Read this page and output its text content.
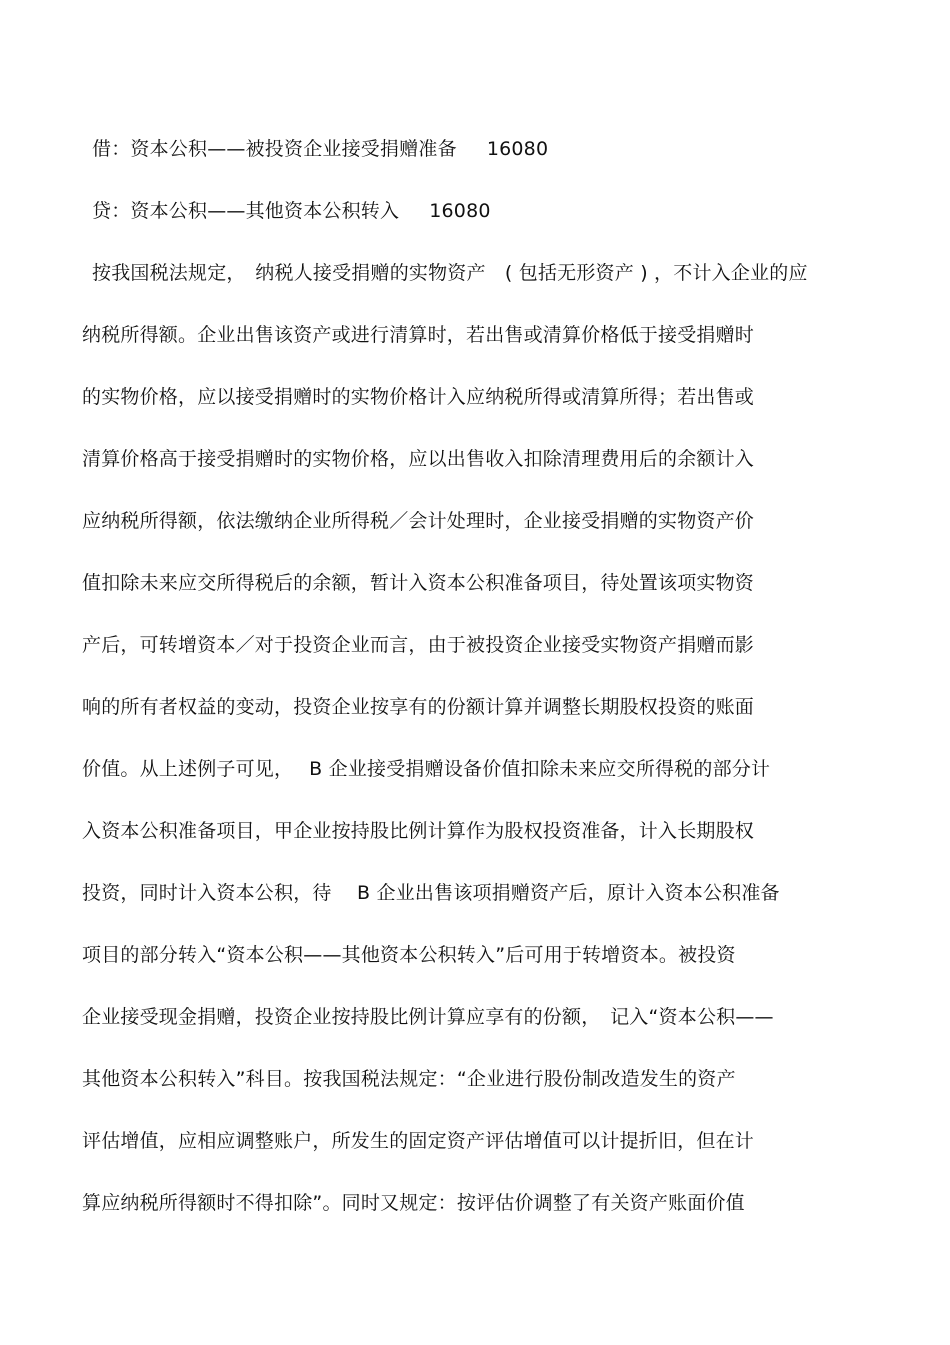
借：资本公积——被投资企业接受捐赠准备 16080
贷：资本公积——其他资本公积转入 16080
按我国税法规定，　纳税人接受捐赠的实物资产　( 包括无形资产 ) ，不计入企业的应
纳税所得额。企业出售该资产或进行清算时，若出售或清算价格低于接受捐赠时
的实物价格，应以接受捐赠时的实物价格计入应纳税所得或清算所得；若出售或
清算价格高于接受捐赠时的实物价格，应以出售收入扣除清理费用后的余额计入
应纳税所得额，依法缴纳企业所得税／会计处理时，企业接受捐赠的实物资产价
值扣除未来应交所得税后的余额，暂计入资本公积准备项目，待处置该项实物资
产后，可转增资本／对于投资企业而言，由于被投资企业接受实物资产捐赠而影
响的所有者权益的变动，投资企业按享有的份额计算并调整长期股权投资的账面
价值。从上述例子可见，　 B 企业接受捐赠设备价值扣除未来应交所得税的部分计
入资本公积准备项目，甲企业按持股比例计算作为股权投资准备，计入长期股权
投资，同时计入资本公积，待　 B 企业出售该项捐赠资产后，原计入资本公积准备
项目的部分转入“资本公积——其他资本公积转入”后可用于转增资本。被投资
企业接受现金捐赠，投资企业按持股比例计算应享有的份额，　记入“资本公积——
其他资本公积转入”科目。按我国税法规定：“企业进行股份制改造发生的资产
评估增值，应相应调整账户，所发生的固定资产评估增值可以计提折旧，但在计
算应纳税所得额时不得扣除”。同时又规定：按评估价调整了有关资产账面价值
